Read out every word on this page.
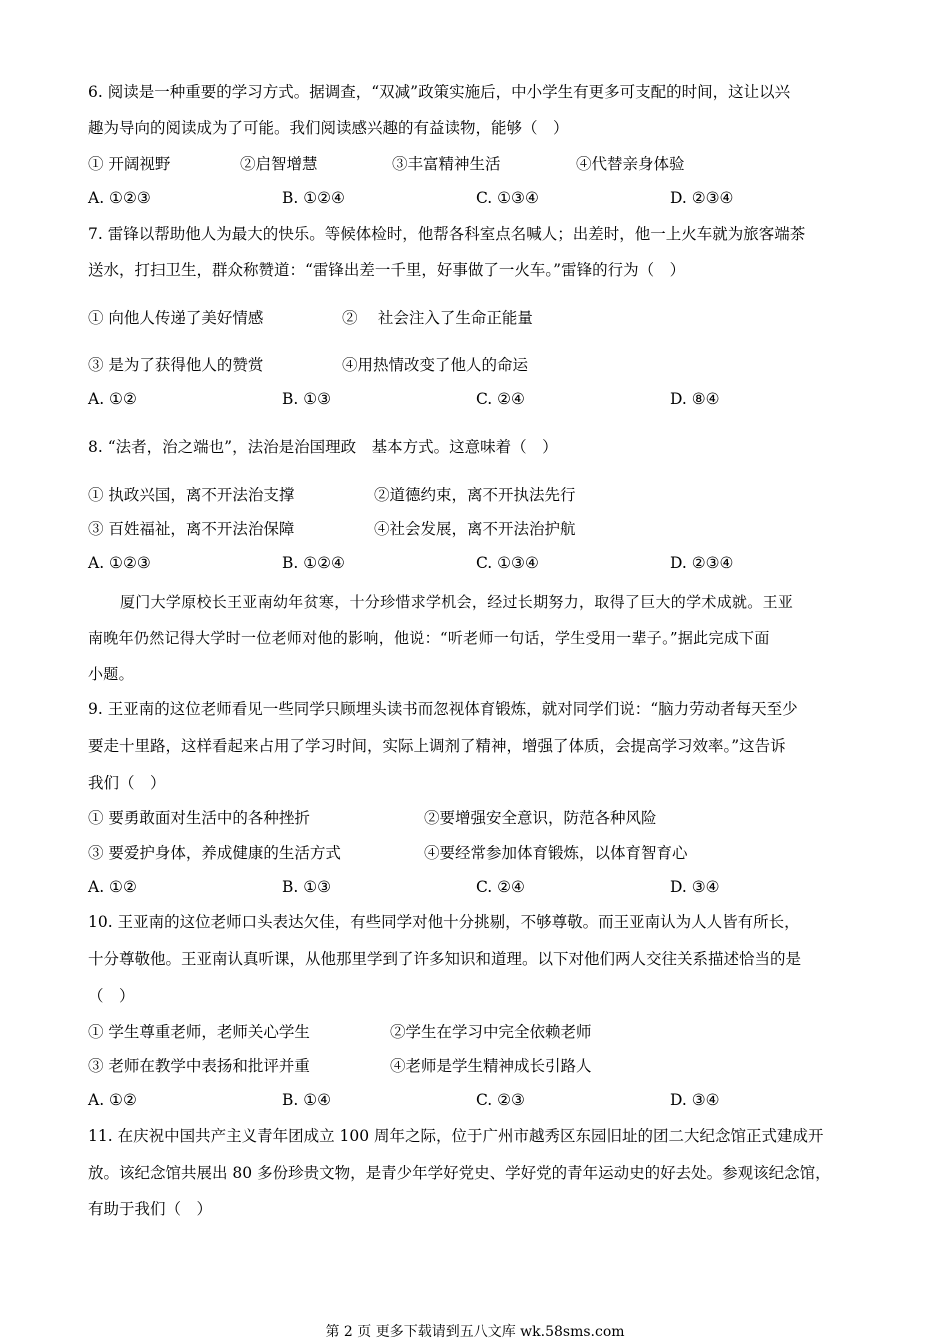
6. 阅读是一种重要的学习方式。据调查，“双减”政策实施后，中小学生有更多可支配的时间，这让以兴
趣为导向的阅读成为了可能。我们阅读感兴趣的有益读物，能够（　）
① 开阔视野	②启智增慧	③丰富精神生活	④代替亲身体验
A. ①②③	B. ①②④	C. ①③④	D. ②③④
7. 雷锋以帮助他人为最大的快乐。等候体检时，他帮各科室点名喊人；出差时，他一上火车就为旅客端茶
送水，打扫卫生，群众称赞道：“雷锋出差一千里，好事做了一火车。”雷锋的行为（　）
① 向他人传递了美好情感	②　 社会注入了生命正能量
③ 是为了获得他人的赞赏	④用热情改变了他人的命运
A. ①②	B. ①③	C. ②④	D. ⑧④
8. “法者，治之端也”，法治是治国理政　基本方式。这意味着（　）
① 执政兴国，离不开法治支撑	②道德约束，离不开执法先行
③ 百姓福祉，离不开法治保障	④社会发展，离不开法治护航
A. ①②③	B. ①②④	C. ①③④	D. ②③④
厦门大学原校长王亚南幼年贫寒，十分珍惜求学机会，经过长期努力，取得了巨大的学术成就。王亚
南晚年仍然记得大学时一位老师对他的影响，他说：“听老师一句话，学生受用一辈子。”据此完成下面
小题。
9. 王亚南的这位老师看见一些同学只顾埋头读书而忽视体育锻炼，就对同学们说：“脑力劳动者每天至少
要走十里路，这样看起来占用了学习时间，实际上调剂了精神，增强了体质，会提高学习效率。”这告诉
我们（　）
① 要勇敢面对生活中的各种挫折	②要增强安全意识，防范各种风险
③ 要爱护身体，养成健康的生活方式	④要经常参加体育锻炼，以体育智育心
A. ①②	B. ①③	C. ②④	D. ③④
10. 王亚南的这位老师口头表达欠佳，有些同学对他十分挑剔，不够尊敬。而王亚南认为人人皆有所长，
十分尊敬他。王亚南认真听课，从他那里学到了许多知识和道理。以下对他们两人交往关系描述恰当的是
（　）
① 学生尊重老师，老师关心学生	②学生在学习中完全依赖老师
③ 老师在教学中表扬和批评并重	④老师是学生精神成长引路人
A. ①②	B. ①④	C. ②③	D. ③④
11. 在庆祝中国共产主义青年团成立 100 周年之际，位于广州市越秀区东园旧址的团二大纪念馆正式建成开
放。该纪念馆共展出 80 多份珍贵文物，是青少年学好党史、学好党的青年运动史的好去处。参观该纪念馆，
有助于我们（　）
第 2 页 更多下载请到五八文库 wk.58sms.com
